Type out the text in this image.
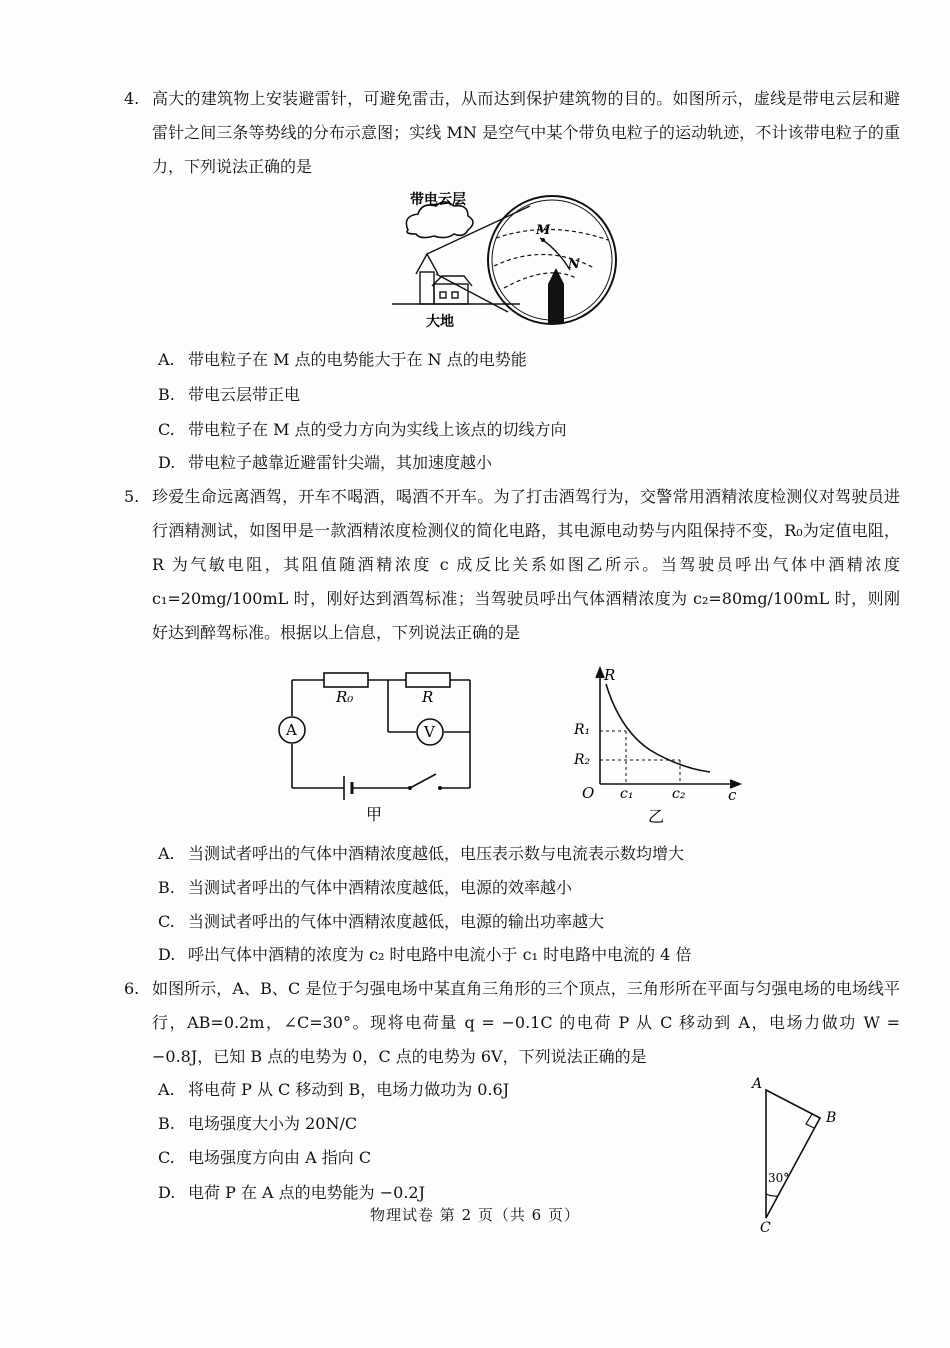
4. 高大的建筑物上安装避雷针，可避免雷击，从而达到保护建筑物的目的。如图所示，虚线是带电云层和避雷针之间三条等势线的分布示意图；实线 MN 是空气中某个带负电粒子的运动轨迹，不计该带电粒子的重力，下列说法正确的是
带电云层
大地
M
N
A. 带电粒子在 M 点的电势能大于在 N 点的电势能
B. 带电云层带正电
C. 带电粒子在 M 点的受力方向为实线上该点的切线方向
D. 带电粒子越靠近避雷针尖端，其加速度越小
5. 珍爱生命远离酒驾，开车不喝酒，喝酒不开车。为了打击酒驾行为，交警常用酒精浓度检测仪对驾驶员进行酒精测试，如图甲是一款酒精浓度检测仪的简化电路，其电源电动势与内阻保持不变，R₀为定值电阻，R 为气敏电阻，其阻值随酒精浓度 c 成反比关系如图乙所示。当驾驶员呼出气体中酒精浓度 c₁=20mg/100mL 时，刚好达到酒驾标准；当驾驶员呼出气体酒精浓度为 c₂=80mg/100mL 时，则刚好达到醉驾标准。根据以上信息，下列说法正确的是
R₀	R
A	V
甲
R
R₁
R₂
O c₁	c₂	c
乙
A. 当测试者呼出的气体中酒精浓度越低，电压表示数与电流表示数均增大
B. 当测试者呼出的气体中酒精浓度越低，电源的效率越小
C. 当测试者呼出的气体中酒精浓度越低，电源的输出功率越大
D. 呼出气体中酒精的浓度为 c₂ 时电路中电流小于 c₁ 时电路中电流的 4 倍
6. 如图所示，A、B、C 是位于匀强电场中某直角三角形的三个顶点，三角形所在平面与匀强电场的电场线平行，AB=0.2m，∠C=30°。现将电荷量 q = −0.1C 的电荷 P 从 C 移动到 A，电场力做功 W = −0.8J，已知 B 点的电势为 0，C 点的电势为 6V，下列说法正确的是
A. 将电荷 P 从 C 移动到 B，电场力做功为 0.6J
B. 电场强度大小为 20N/C
C. 电场强度方向由 A 指向 C
D. 电荷 P 在 A 点的电势能为 −0.2J
A
B
C
30°
物理试卷 第 2 页（共 6 页）
